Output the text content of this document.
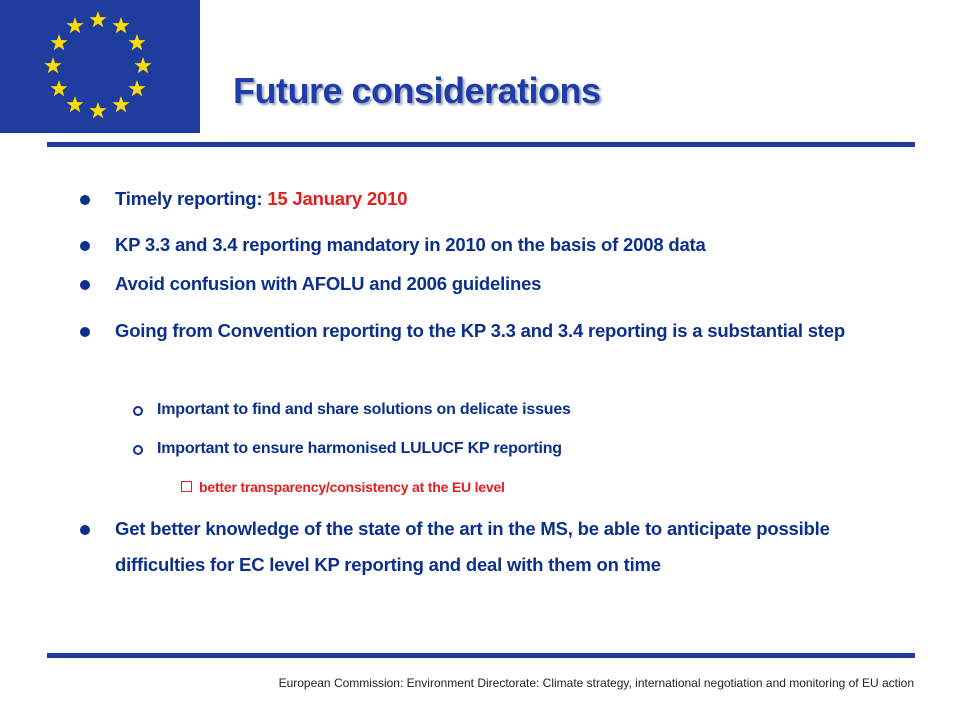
Future considerations
Timely reporting: 15 January 2010
KP 3.3 and 3.4 reporting mandatory in 2010 on the basis of 2008 data
Avoid confusion with AFOLU and 2006 guidelines
Going from Convention reporting to the KP 3.3 and 3.4 reporting is a substantial step
Important to find and share solutions on delicate issues
Important to ensure harmonised LULUCF KP reporting
better transparency/consistency at the EU level
Get better knowledge of the state of the art in the MS, be able to anticipate possible difficulties for EC level KP reporting and deal with them on time
European Commission: Environment Directorate: Climate strategy, international negotiation and monitoring of EU action
